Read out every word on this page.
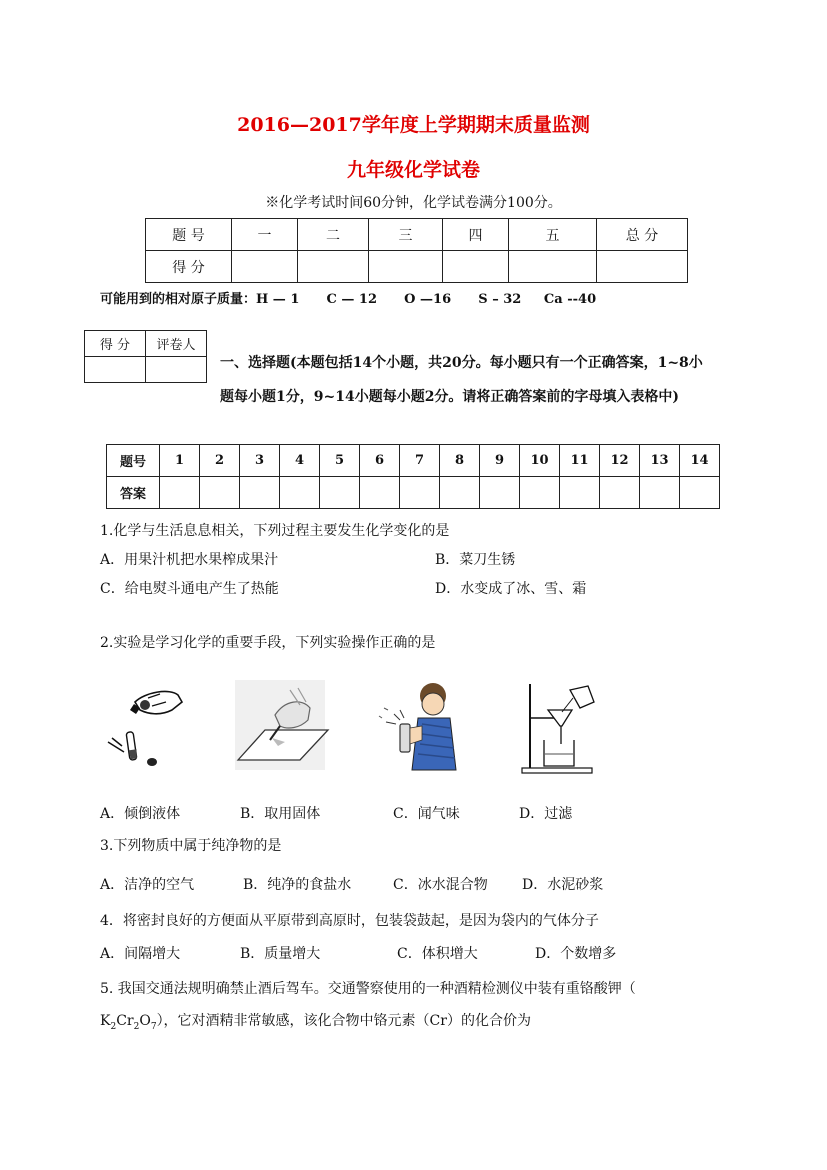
2016—2017学年度上学期期末质量监测
九年级化学试卷
※化学考试时间60分钟，化学试卷满分100分。
题 号	一	二	三	四	五	总 分
得 分						
可能用到的相对原子质量：H — 1      C — 12      O —16      S – 32     Ca --40
得 分	评卷人

一、选择题(本题包括14个小题，共20分。每小题只有一个正确答案，1~8小
题每小题1分，9~14小题每小题2分。请将正确答案前的字母填入表格中)
题号	1	2	3	4	5	6	7	8	9	10	11	12	13	14
答案														
1.化学与生活息息相关，下列过程主要发生化学变化的是
A．用果汁机把水果榨成果汁	B．菜刀生锈
C．给电熨斗通电产生了热能	D．水变成了冰、雪、霜
2.实验是学习化学的重要手段，下列实验操作正确的是
A．倾倒液体	B．取用固体	C．闻气味	D．过滤
3.下列物质中属于纯净物的是
A．洁净的空气	B．纯净的食盐水	C．冰水混合物 D．水泥砂浆
4．将密封良好的方便面从平原带到高原时，包装袋鼓起，是因为袋内的气体分子
A．间隔增大	B．质量增大	C．体积增大	D．个数增多
5. 我国交通法规明确禁止酒后驾车。交通警察使用的一种酒精检测仪中装有重铬酸钾（
$K_2Cr_2O_7$），它对酒精非常敏感，该化合物中铬元素（Cr）的化合价为
